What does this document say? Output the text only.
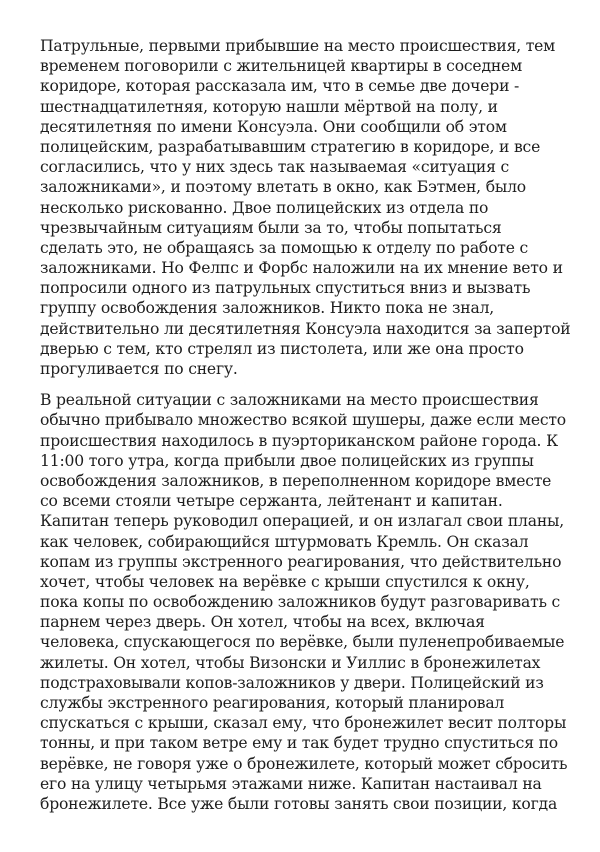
Патрульные, первыми прибывшие на место происшествия, тем
временем поговорили с жительницей квартиры в соседнем
коридоре, которая рассказала им, что в семье две дочери -
шестнадцатилетняя, которую нашли мёртвой на полу, и
десятилетняя по имени Консуэла. Они сообщили об этом
полицейским, разрабатывавшим стратегию в коридоре, и все
согласились, что у них здесь так называемая «ситуация с
заложниками», и поэтому влетать в окно, как Бэтмен, было
несколько рискованно. Двое полицейских из отдела по
чрезвычайным ситуациям были за то, чтобы попытаться
сделать это, не обращаясь за помощью к отделу по работе с
заложниками. Но Фелпс и Форбс наложили на их мнение вето и
попросили одного из патрульных спуститься вниз и вызвать
группу освобождения заложников. Никто пока не знал,
действительно ли десятилетняя Консуэла находится за запертой
дверью с тем, кто стрелял из пистолета, или же она просто
прогуливается по снегу.

В реальной ситуации с заложниками на место происшествия
обычно прибывало множество всякой шушеры, даже если место
происшествия находилось в пуэрториканском районе города. К
11:00 того утра, когда прибыли двое полицейских из группы
освобождения заложников, в переполненном коридоре вместе
со всеми стояли четыре сержанта, лейтенант и капитан.
Капитан теперь руководил операцией, и он излагал свои планы,
как человек, собирающийся штурмовать Кремль. Он сказал
копам из группы экстренного реагирования, что действительно
хочет, чтобы человек на верёвке с крыши спустился к окну,
пока копы по освобождению заложников будут разговаривать с
парнем через дверь. Он хотел, чтобы на всех, включая
человека, спускающегося по верёвке, были пуленепробиваемые
жилеты. Он хотел, чтобы Визонски и Уиллис в бронежилетах
подстраховывали копов-заложников у двери. Полицейский из
службы экстренного реагирования, который планировал
спускаться с крыши, сказал ему, что бронежилет весит полторы
тонны, и при таком ветре ему и так будет трудно спуститься по
верёвке, не говоря уже о бронежилете, который может сбросить
его на улицу четырьмя этажами ниже. Капитан настаивал на
бронежилете. Все уже были готовы занять свои позиции, когда
